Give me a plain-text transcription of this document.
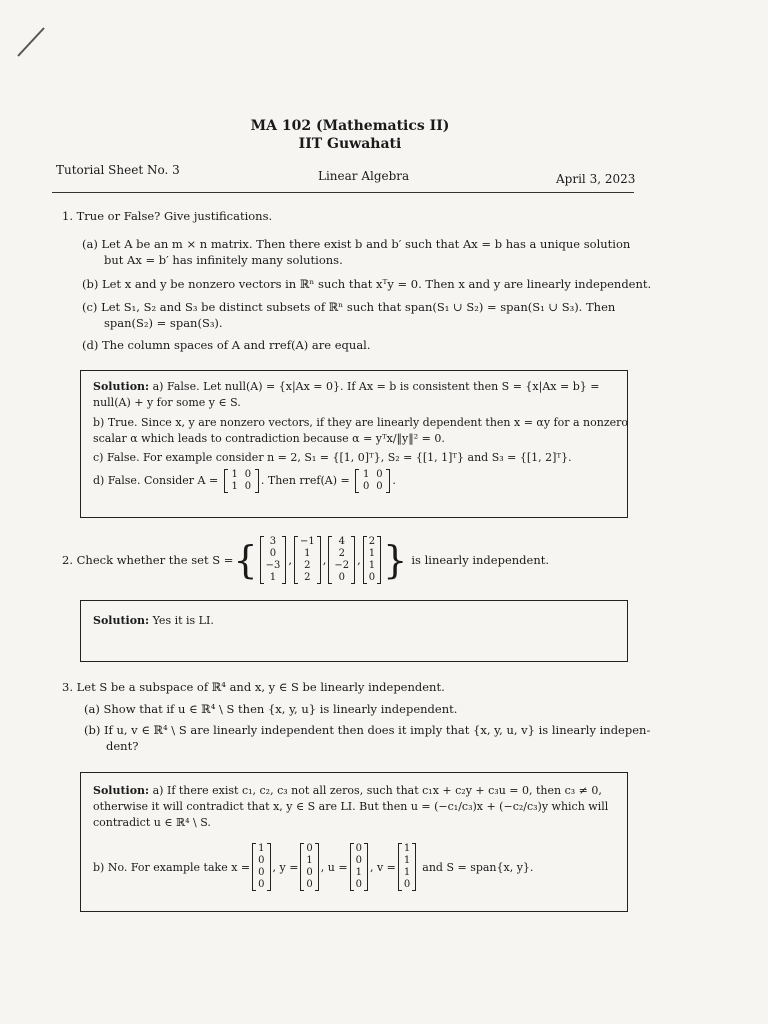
MA 102 (Mathematics II)
IIT Guwahati
Tutorial Sheet No. 3	Linear Algebra	April 3, 2023
1. True or False? Give justifications.
(a) Let A be an m × n matrix. Then there exist b and b′ such that Ax = b has a unique solution
but Ax = b′ has infinitely many solutions.
(b) Let x and y be nonzero vectors in ℝⁿ such that xᵀy = 0. Then x and y are linearly independent.
(c) Let S₁, S₂ and S₃ be distinct subsets of ℝⁿ such that span(S₁ ∪ S₂) = span(S₁ ∪ S₃). Then
span(S₂) = span(S₃).
(d) The column spaces of A and rref(A) are equal.
Solution: a) False. Let null(A) = {x|Ax = 0}. If Ax = b is consistent then S = {x|Ax = b} =
null(A) + y for some y ∈ S.
b) True. Since x, y are nonzero vectors, if they are linearly dependent then x = αy for a nonzero
scalar α which leads to contradiction because α = yᵀx/‖y‖² = 0.
c) False. For example consider n = 2, S₁ = {[1, 0]ᵀ}, S₂ = {[1, 1]ᵀ} and S₃ = {[1, 2]ᵀ}.
d) False. Consider A = 1 0
1 0 . Then rref(A) = 1 0
0 0 .
2. Check whether the set S = {	3
0
−3
1
,
−1
1
2
2
,
4
2
−2
0
,
2
1
1
0 } is linearly independent.
Solution: Yes it is LI.
3. Let S be a subspace of ℝ⁴ and x, y ∈ S be linearly independent.
(a) Show that if u ∈ ℝ⁴ \ S then {x, y, u} is linearly independent.
(b) If u, v ∈ ℝ⁴ \ S are linearly independent then does it imply that {x, y, u, v} is linearly indepen-
dent?
Solution: a) If there exist c₁, c₂, c₃ not all zeros, such that c₁x + c₂y + c₃u = 0, then c₃ ≠ 0,
otherwise it will contradict that x, y ∈ S are LI. But then u = (−c₁/c₃)x + (−c₂/c₃)y which will
contradict u ∈ ℝ⁴ \ S.
b) No. For example take x =
1
0
0
0
, y =
0
1
0
0
, u =
0
0
1
0
, v =
1
1
1
0
and S = span{x, y}.
